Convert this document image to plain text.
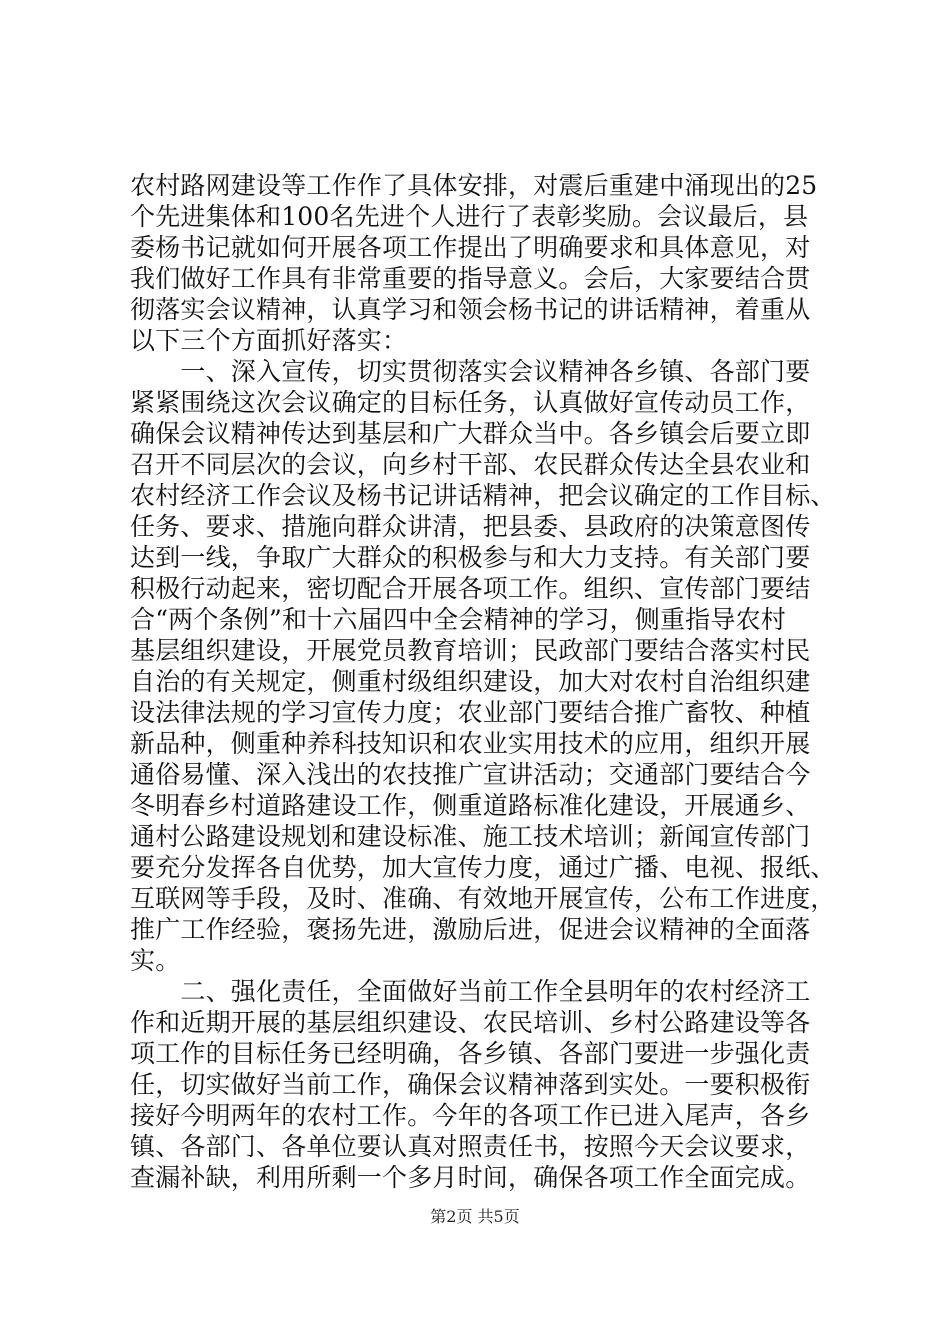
农村路网建设等工作作了具体安排，对震后重建中涌现出的25
个先进集体和100名先进个人进行了表彰奖励。会议最后，县
委杨书记就如何开展各项工作提出了明确要求和具体意见，对
我们做好工作具有非常重要的指导意义。会后，大家要结合贯
彻落实会议精神，认真学习和领会杨书记的讲话精神，着重从
以下三个方面抓好落实：
　　一、深入宣传，切实贯彻落实会议精神各乡镇、各部门要
紧紧围绕这次会议确定的目标任务，认真做好宣传动员工作，
确保会议精神传达到基层和广大群众当中。各乡镇会后要立即
召开不同层次的会议，向乡村干部、农民群众传达全县农业和
农村经济工作会议及杨书记讲话精神，把会议确定的工作目标、
任务、要求、措施向群众讲清，把县委、县政府的决策意图传
达到一线，争取广大群众的积极参与和大力支持。有关部门要
积极行动起来，密切配合开展各项工作。组织、宣传部门要结
合“两个条例”和十六届四中全会精神的学习，侧重指导农村
基层组织建设，开展党员教育培训；民政部门要结合落实村民
自治的有关规定，侧重村级组织建设，加大对农村自治组织建
设法律法规的学习宣传力度；农业部门要结合推广畜牧、种植
新品种，侧重种养科技知识和农业实用技术的应用，组织开展
通俗易懂、深入浅出的农技推广宣讲活动；交通部门要结合今
冬明春乡村道路建设工作，侧重道路标准化建设，开展通乡、
通村公路建设规划和建设标准、施工技术培训；新闻宣传部门
要充分发挥各自优势，加大宣传力度，通过广播、电视、报纸、
互联网等手段，及时、准确、有效地开展宣传，公布工作进度，
推广工作经验，褒扬先进，激励后进，促进会议精神的全面落
实。
　　二、强化责任，全面做好当前工作全县明年的农村经济工
作和近期开展的基层组织建设、农民培训、乡村公路建设等各
项工作的目标任务已经明确，各乡镇、各部门要进一步强化责
任，切实做好当前工作，确保会议精神落到实处。一要积极衔
接好今明两年的农村工作。今年的各项工作已进入尾声，各乡
镇、各部门、各单位要认真对照责任书，按照今天会议要求，
查漏补缺，利用所剩一个多月时间，确保各项工作全面完成。
第2页 共5页
